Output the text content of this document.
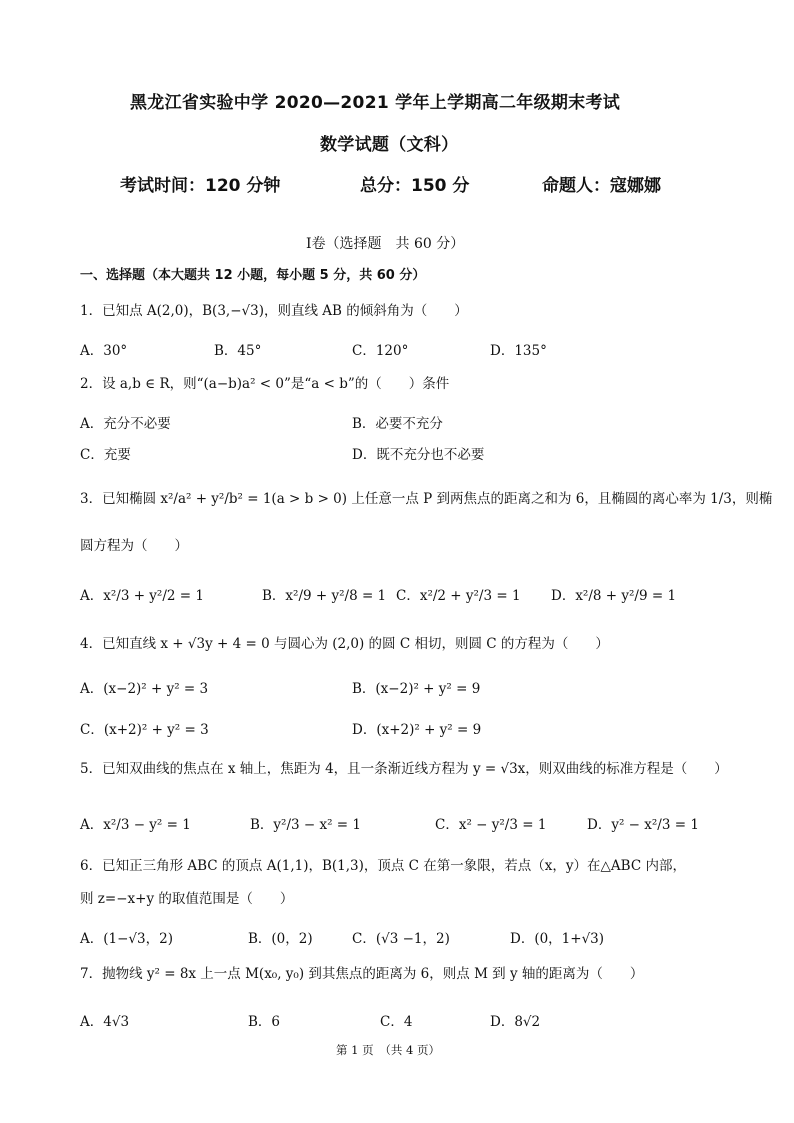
黑龙江省实验中学 2020—2021 学年上学期高二年级期末考试
数学试题（文科）
考试时间：120 分钟	总分：150 分	命题人：寇娜娜
Ⅰ卷（选择题　共 60 分）
一、选择题（本大题共 12 小题，每小题 5 分，共 60 分）
1．已知点 A(2,0)，B(3,−√3)，则直线 AB 的倾斜角为（　　）
A．30°	B．45°	C．120°	D．135°
2．设 a,b ∈ R，则“(a−b)a² < 0”是“a < b”的（　　）条件
A．充分不必要	B．必要不充分
C．充要	D．既不充分也不必要
3．已知椭圆 x²/a² + y²/b² = 1(a > b > 0) 上任意一点 P 到两焦点的距离之和为 6，且椭圆的离心率为 1/3，则椭
圆方程为（　　）
A．x²/3 + y²/2 = 1	B．x²/9 + y²/8 = 1 C．x²/2 + y²/3 = 1 D．x²/8 + y²/9 = 1
4．已知直线 x + √3y + 4 = 0 与圆心为 (2,0) 的圆 C 相切，则圆 C 的方程为（　　）
A．(x−2)² + y² = 3	B．(x−2)² + y² = 9
C．(x+2)² + y² = 3	D．(x+2)² + y² = 9
5．已知双曲线的焦点在 x 轴上，焦距为 4，且一条渐近线方程为 y = √3x，则双曲线的标准方程是（　　）
A．x²/3 − y² = 1	B．y²/3 − x² = 1	C．x² − y²/3 = 1	D．y² − x²/3 = 1
6．已知正三角形 ABC 的顶点 A(1,1)，B(1,3)，顶点 C 在第一象限，若点（x，y）在△ABC 内部，
则 z=−x+y 的取值范围是（　　）
A．(1−√3，2)	B．(0，2)	C．(√3 −1，2)	D．(0，1+√3)
7．抛物线 y² = 8x 上一点 M(x₀, y₀) 到其焦点的距离为 6，则点 M 到 y 轴的距离为（　　）
A．4√3	B．6	C．4	D．8√2
第 1 页　（共 4 页）
